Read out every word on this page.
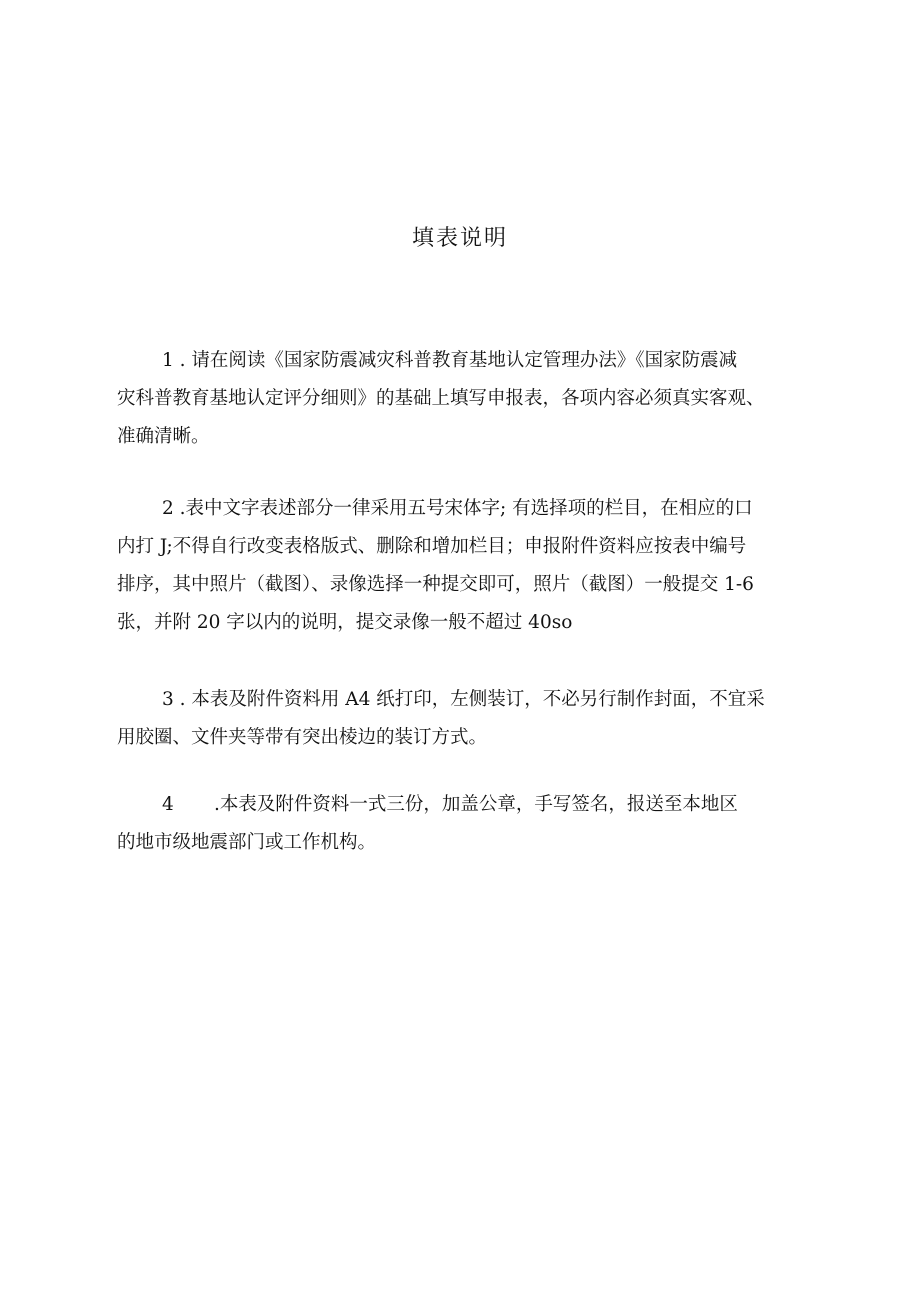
填表说明
1 . 请在阅读《国家防震减灾科普教育基地认定管理办法》《国家防震减
灾科普教育基地认定评分细则》的基础上填写申报表，各项内容必须真实客观、
准确清晰。
2 .表中文字表述部分一律采用五号宋体字; 有选择项的栏目，在相应的口
内打 J;不得自行改变表格版式、删除和增加栏目；申报附件资料应按表中编号
排序，其中照片（截图）、录像选择一种提交即可，照片（截图）一般提交 1-6
张，并附 20 字以内的说明，提交录像一般不超过 40so
3 . 本表及附件资料用 A4 纸打印，左侧装订，不必另行制作封面，不宜采
用胶圈、文件夹等带有突出棱边的装订方式。
4 .本表及附件资料一式三份，加盖公章，手写签名，报送至本地区
的地市级地震部门或工作机构。
